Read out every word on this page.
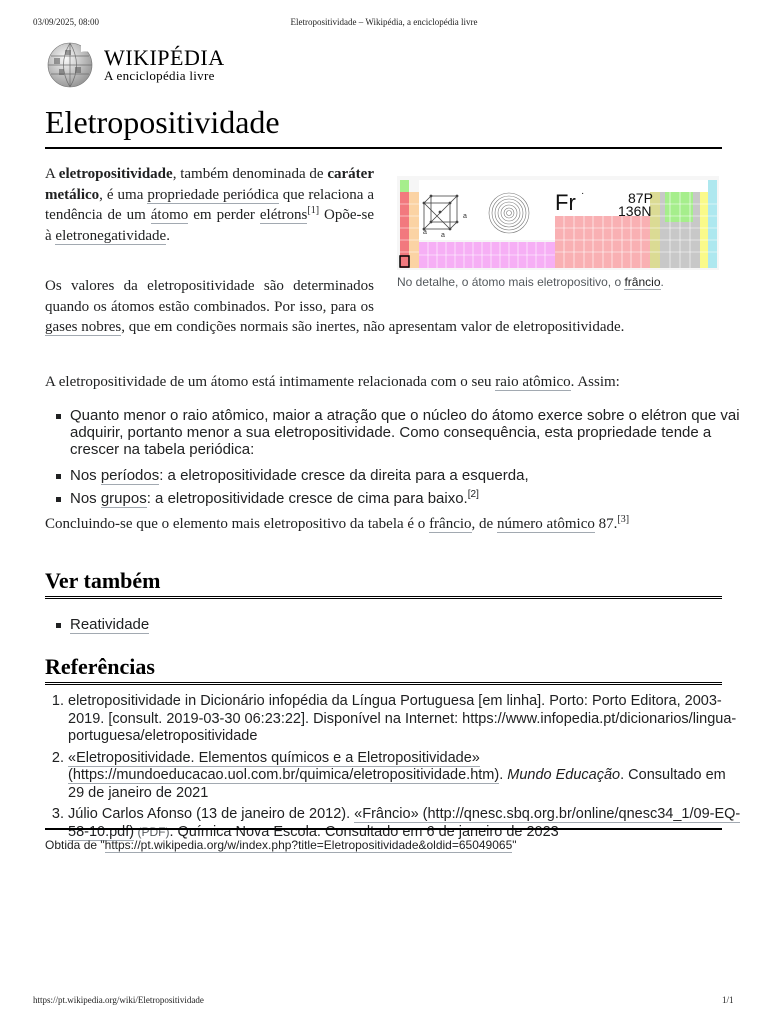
03/09/2025, 08:00	Eletropositividade – Wikipédia, a enciclopédia livre
WIKIPÉDIA
A enciclopédia livre
Eletropositividade
a
a
a
Fr ·	87P
136N
No detalhe, o átomo mais eletropositivo, o frâncio.

A eletropositividade, também denominada de caráter metálico, é uma propriedade periódica que relaciona a tendência de um átomo em perder elétrons[1] Opõe-se à eletronegatividade.

Os valores da eletropositividade são determinados quando os átomos estão combinados. Por isso, para os gases nobres, que em condições normais são inertes, não apresentam valor de eletropositividade.

A eletropositividade de um átomo está intimamente relacionada com o seu raio atômico. Assim:

Quanto menor o raio atômico, maior a atração que o núcleo do átomo exerce sobre o elétron que vai adquirir, portanto menor a sua eletropositividade. Como consequência, esta propriedade tende a crescer na tabela periódica:
Nos períodos: a eletropositividade cresce da direita para a esquerda,
Nos grupos: a eletropositividade cresce de cima para baixo.[2]

Concluindo-se que o elemento mais eletropositivo da tabela é o frâncio, de número atômico 87.[3]

Ver também
Reatividade
Referências
1. eletropositividade in Dicionário infopédia da Língua Portuguesa [em linha]. Porto: Porto Editora, 2003-2019. [consult. 2019-03-30 06:23:22]. Disponível na Internet: https://www.infopedia.pt/dicionarios/lingua-portuguesa/eletropositividade
2. «Eletropositividade. Elementos químicos e a Eletropositividade» (https://mundoeducacao.uol.com.br/quimica/eletropositividade.htm). Mundo Educação. Consultado em 29 de janeiro de 2021
3. Júlio Carlos Afonso (13 de janeiro de 2012). «Frâncio» (http://qnesc.sbq.org.br/online/qnesc34_1/09-EQ-58-10.pdf) (PDF). Química Nova Escola. Consultado em 6 de janeiro de 2023
Obtida de "https://pt.wikipedia.org/w/index.php?title=Eletropositividade&oldid=65049065"
https://pt.wikipedia.org/wiki/Eletropositividade	1/1
